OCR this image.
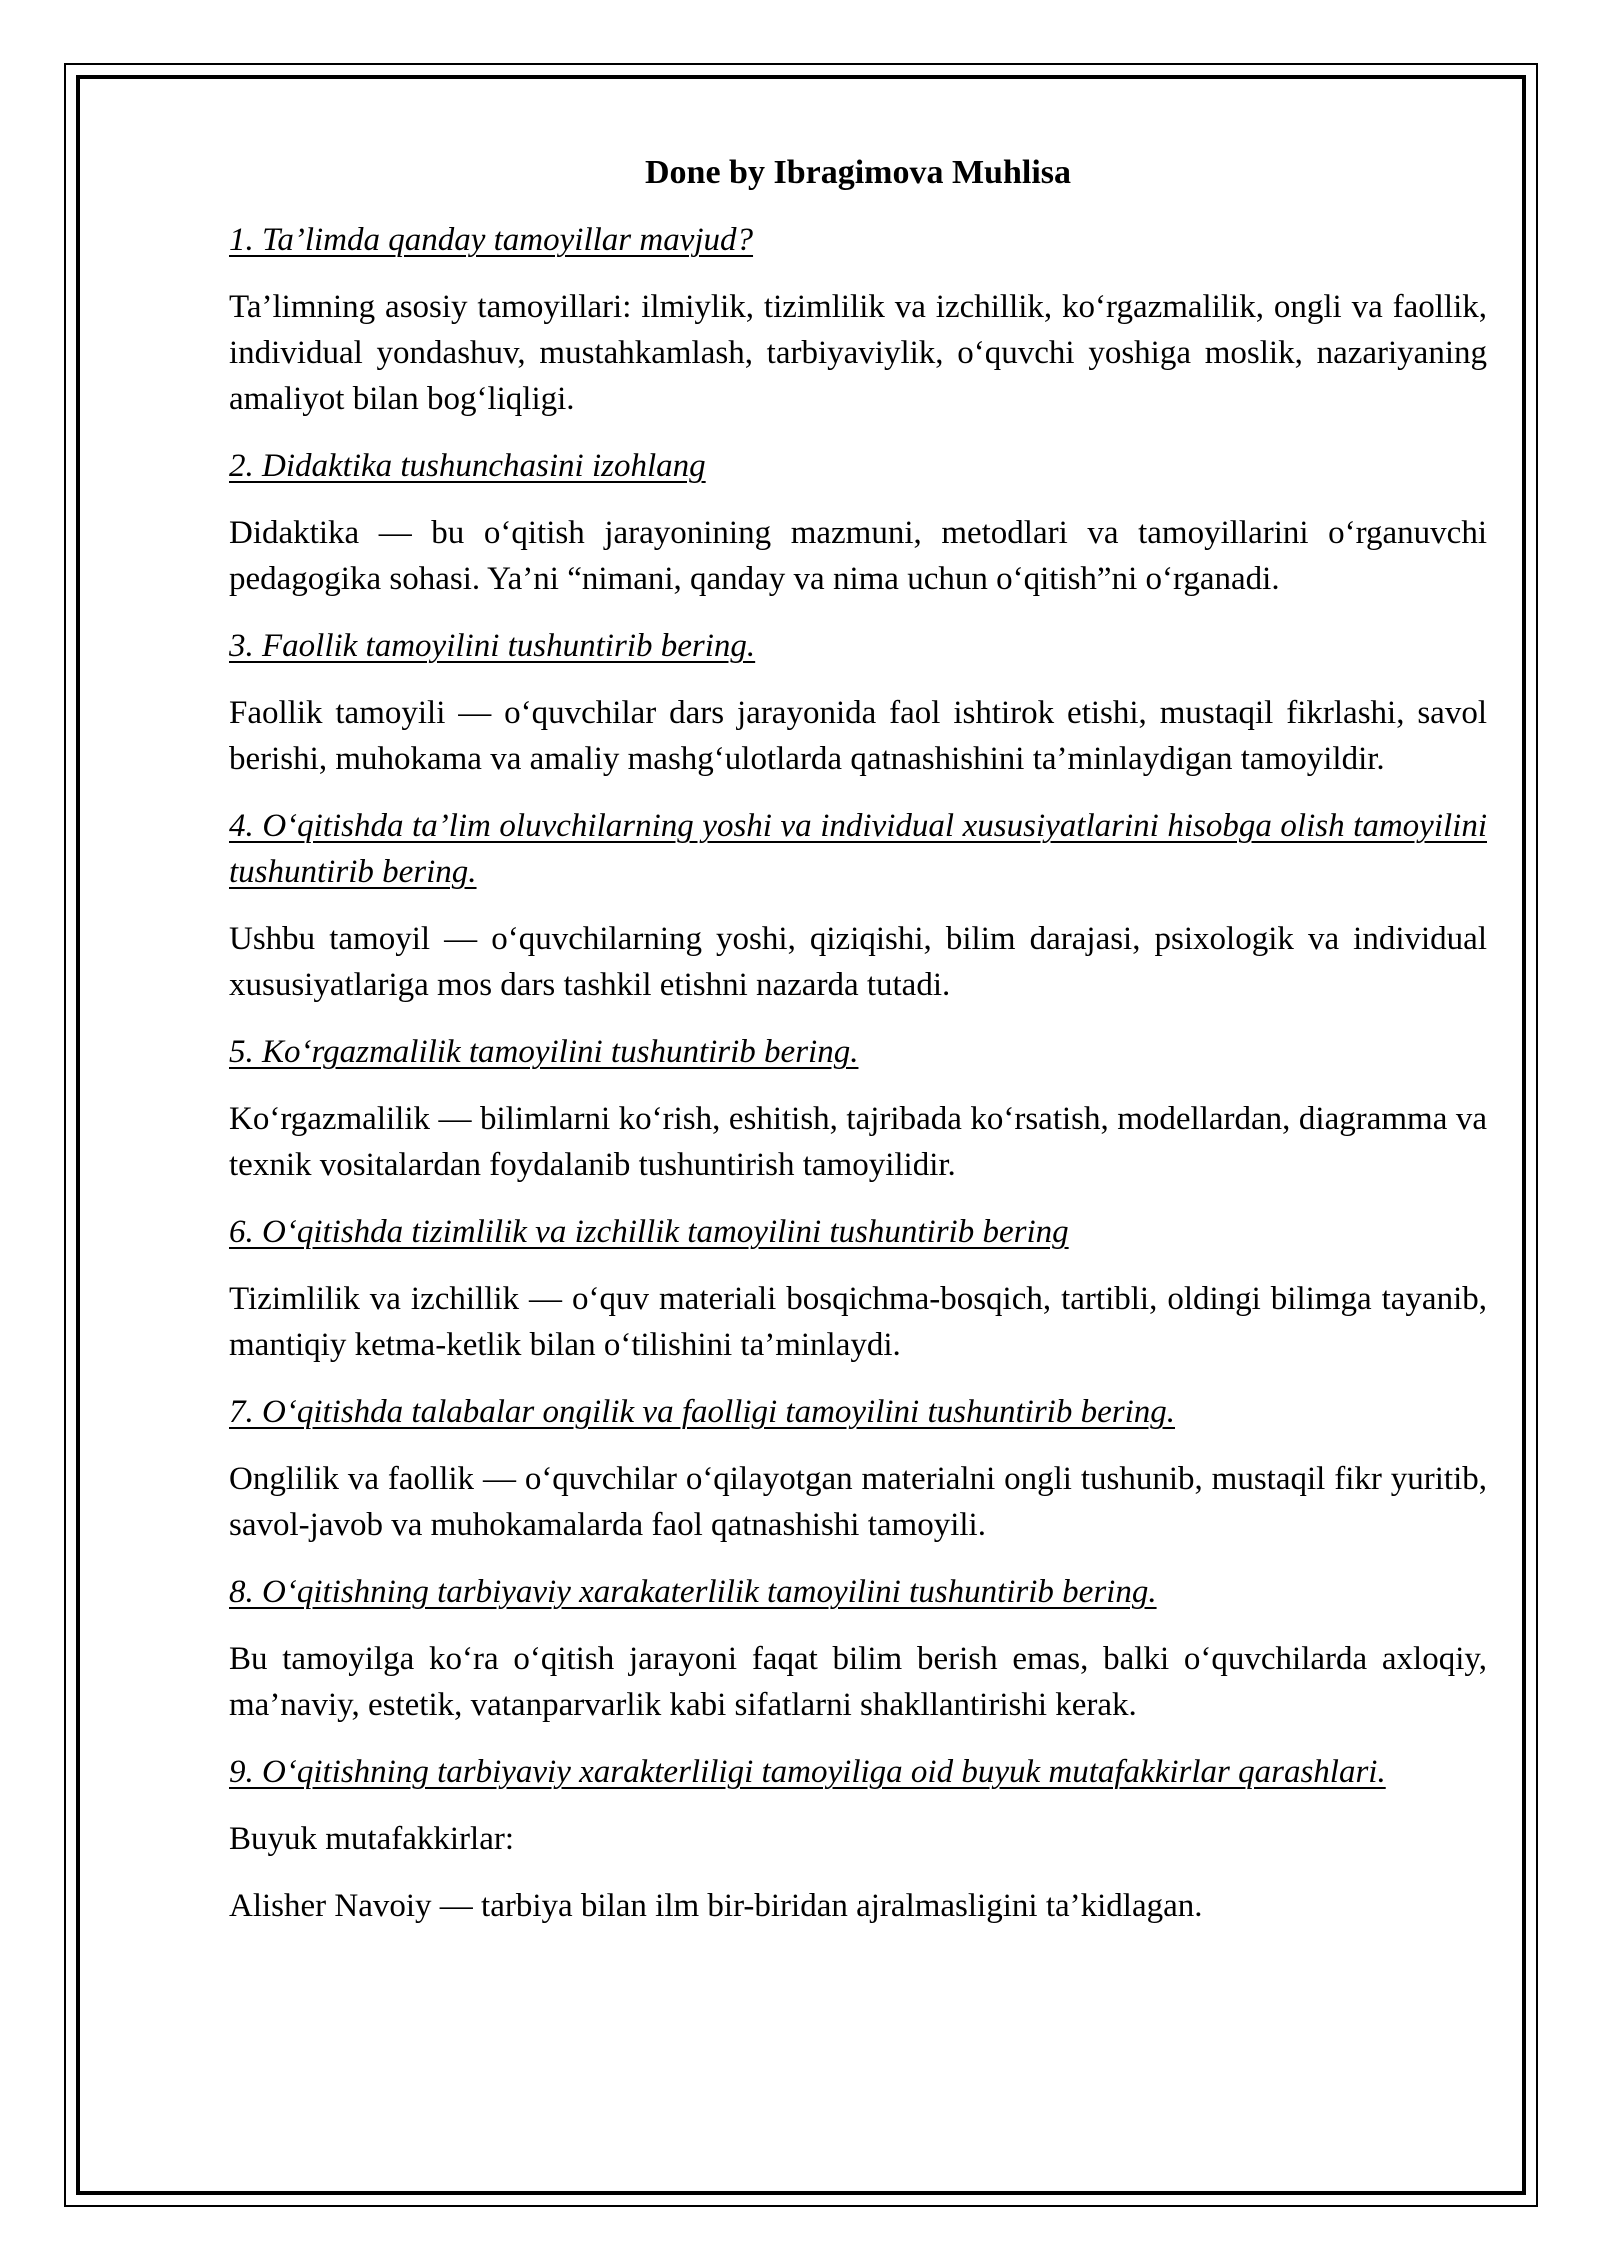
Done by Ibragimova Muhlisa

1. Ta’limda qanday tamoyillar mavjud?

Ta’limning asosiy tamoyillari: ilmiylik, tizimlilik va izchillik, ko‘rgazmalilik, ongli va faollik, individual yondashuv, mustahkamlash, tarbiyaviylik, o‘quvchi yoshiga moslik, nazariyaning amaliyot bilan bog‘liqligi.

2. Didaktika tushunchasini izohlang

Didaktika — bu o‘qitish jarayonining mazmuni, metodlari va tamoyillarini o‘rganuvchi pedagogika sohasi. Ya’ni “nimani, qanday va nima uchun o‘qitish”ni o‘rganadi.

3. Faollik tamoyilini tushuntirib bering.

Faollik tamoyili — o‘quvchilar dars jarayonida faol ishtirok etishi, mustaqil fikrlashi, savol berishi, muhokama va amaliy mashg‘ulotlarda qatnashishini ta’minlaydigan tamoyildir.

4. O‘qitishda ta’lim oluvchilarning yoshi va individual xususiyatlarini hisobga olish tamoyilini tushuntirib bering.

Ushbu tamoyil — o‘quvchilarning yoshi, qiziqishi, bilim darajasi, psixologik va individual xususiyatlariga mos dars tashkil etishni nazarda tutadi.

5. Ko‘rgazmalilik tamoyilini tushuntirib bering.

Ko‘rgazmalilik — bilimlarni ko‘rish, eshitish, tajribada ko‘rsatish, modellardan, diagramma va texnik vositalardan foydalanib tushuntirish tamoyilidir.

6. O‘qitishda tizimlilik va izchillik tamoyilini tushuntirib bering

Tizimlilik va izchillik — o‘quv materiali bosqichma-bosqich, tartibli, oldingi bilimga tayanib, mantiqiy ketma-ketlik bilan o‘tilishini ta’minlaydi.

7. O‘qitishda talabalar ongilik va faolligi tamoyilini tushuntirib bering.

Onglilik va faollik — o‘quvchilar o‘qilayotgan materialni ongli tushunib, mustaqil fikr yuritib, savol-javob va muhokamalarda faol qatnashishi tamoyili.

8. O‘qitishning tarbiyaviy xarakaterlilik tamoyilini tushuntirib bering.

Bu tamoyilga ko‘ra o‘qitish jarayoni faqat bilim berish emas, balki o‘quvchilarda axloqiy, ma’naviy, estetik, vatanparvarlik kabi sifatlarni shakllantirishi kerak.

9. O‘qitishning tarbiyaviy xarakterliligi tamoyiliga oid buyuk mutafakkirlar qarashlari.

Buyuk mutafakkirlar:

Alisher Navoiy — tarbiya bilan ilm bir-biridan ajralmasligini ta’kidlagan.
